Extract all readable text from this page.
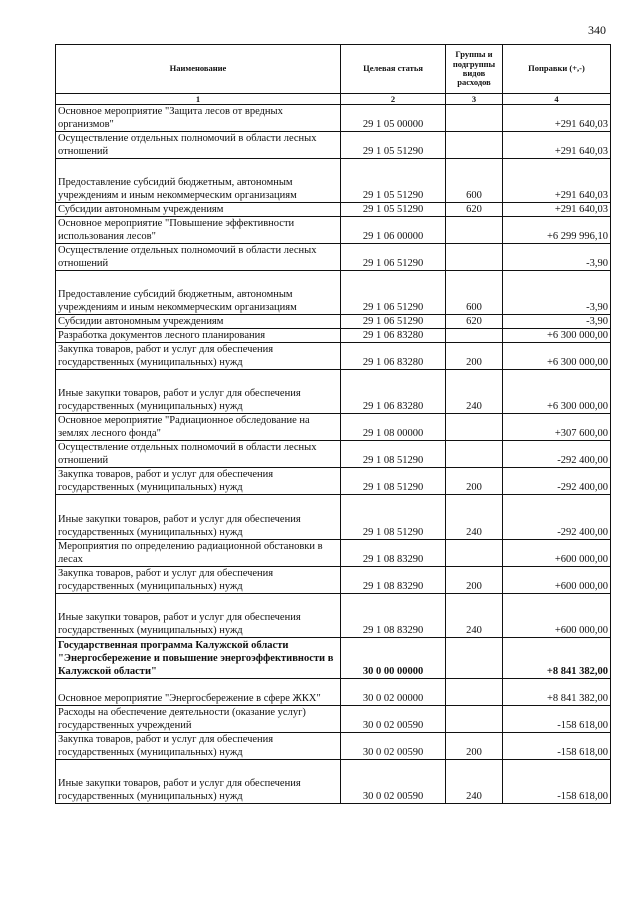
340
Наименование	Целевая статья	Группы и подгруппы видов расходов	Поправки (+,-)
1	2	3	4
Основное мероприятие "Защита лесов от вредных организмов"	29 1 05 00000		+291 640,03
Осуществление отдельных полномочий в области лесных отношений	29 1 05 51290		+291 640,03
Предоставление субсидий бюджетным, автономным учреждениям и иным некоммерческим организациям	29 1 05 51290	600	+291 640,03
Субсидии автономным учреждениям	29 1 05 51290	620	+291 640,03
Основное мероприятие "Повышение эффективности использования лесов"	29 1 06 00000		+6 299 996,10
Осуществление отдельных полномочий в области лесных отношений	29 1 06 51290		-3,90
Предоставление субсидий бюджетным, автономным учреждениям и иным некоммерческим организациям	29 1 06 51290	600	-3,90
Субсидии автономным учреждениям	29 1 06 51290	620	-3,90
Разработка документов лесного планирования	29 1 06 83280		+6 300 000,00
Закупка товаров, работ и услуг для обеспечения государственных (муниципальных) нужд	29 1 06 83280	200	+6 300 000,00
Иные закупки товаров, работ и услуг для обеспечения государственных (муниципальных) нужд	29 1 06 83280	240	+6 300 000,00
Основное мероприятие "Радиационное обследование на землях лесного фонда"	29 1 08 00000		+307 600,00
Осуществление отдельных полномочий в области лесных отношений	29 1 08 51290		-292 400,00
Закупка товаров, работ и услуг для обеспечения государственных (муниципальных) нужд	29 1 08 51290	200	-292 400,00
Иные закупки товаров, работ и услуг для обеспечения государственных (муниципальных) нужд	29 1 08 51290	240	-292 400,00
Мероприятия по определению радиационной обстановки в лесах	29 1 08 83290		+600 000,00
Закупка товаров, работ и услуг для обеспечения государственных (муниципальных) нужд	29 1 08 83290	200	+600 000,00
Иные закупки товаров, работ и услуг для обеспечения государственных (муниципальных) нужд	29 1 08 83290	240	+600 000,00
Государственная программа Калужской области "Энергосбережение и повышение энергоэффективности в Калужской области"	30 0 00 00000		+8 841 382,00
Основное мероприятие "Энергосбережение в сфере ЖКХ"	30 0 02 00000		+8 841 382,00
Расходы на обеспечение деятельности (оказание услуг) государственных учреждений	30 0 02 00590		-158 618,00
Закупка товаров, работ и услуг для обеспечения государственных (муниципальных) нужд	30 0 02 00590	200	-158 618,00
Иные закупки товаров, работ и услуг для обеспечения государственных (муниципальных) нужд	30 0 02 00590	240	-158 618,00
